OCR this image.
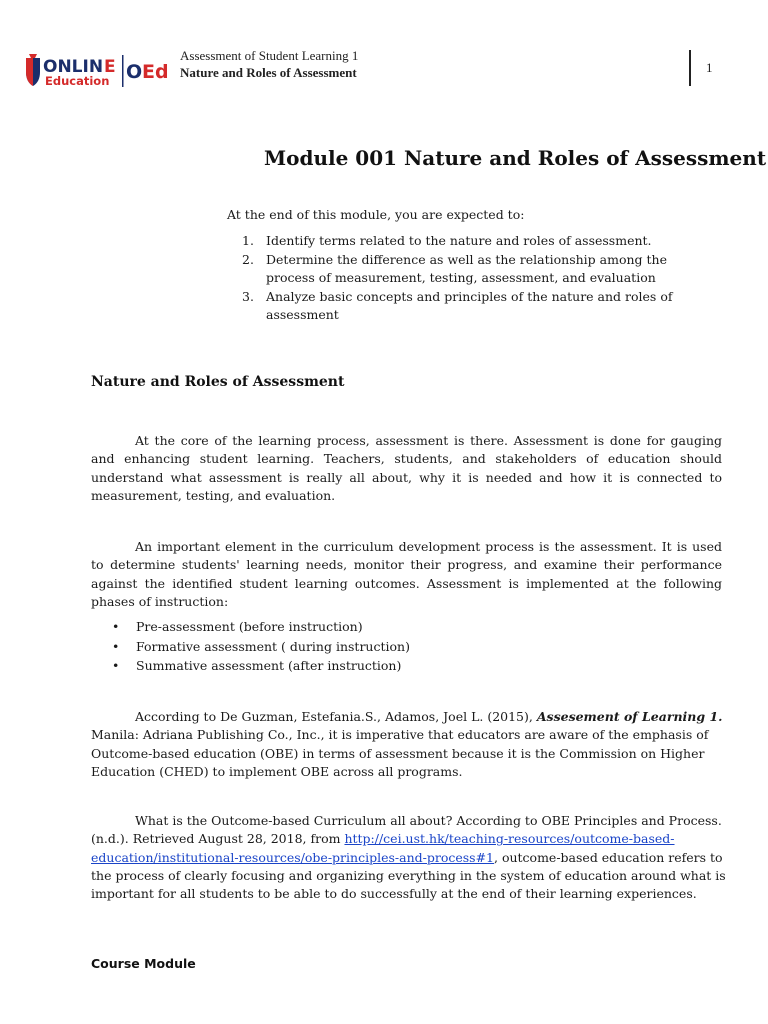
ONLIN E
Education O Ed
Assessment of Student Learning 1
Nature and Roles of Assessment	1
Module 001 Nature and Roles of Assessment
At the end of this module, you are expected to:
1. Identify terms related to the nature and roles of assessment.
2. Determine the difference as well as the relationship among the process of measurement, testing, assessment, and evaluation
3. Analyze basic concepts and principles of the nature and roles of assessment
Nature and Roles of Assessment

At the core of the learning process, assessment is there. Assessment is done for gauging and enhancing student learning. Teachers, students, and stakeholders of education should understand what assessment is really all about, why it is needed and how it is connected to measurement, testing, and evaluation.

An important element in the curriculum development process is the assessment. It is used to determine students' learning needs, monitor their progress, and examine their performance against the identified student learning outcomes. Assessment is implemented at the following phases of instruction:

• Pre-assessment (before instruction)
• Formative assessment ( during instruction)
• Summative assessment (after instruction)

According to De Guzman, Estefania.S., Adamos, Joel L. (2015), Assesement of Learning 1. Manila: Adriana Publishing Co., Inc., it is imperative that educators are aware of the emphasis of Outcome-based education (OBE) in terms of assessment because it is the Commission on Higher Education (CHED) to implement OBE across all programs.

What is the Outcome-based Curriculum all about? According to OBE Principles and Process. (n.d.). Retrieved August 28, 2018, from http://cei.ust.hk/teaching-resources/outcome-based-education/institutional-resources/obe-principles-and-process#1, outcome-based education refers to the process of clearly focusing and organizing everything in the system of education around what is important for all students to be able to do successfully at the end of their learning experiences.

Course Module
